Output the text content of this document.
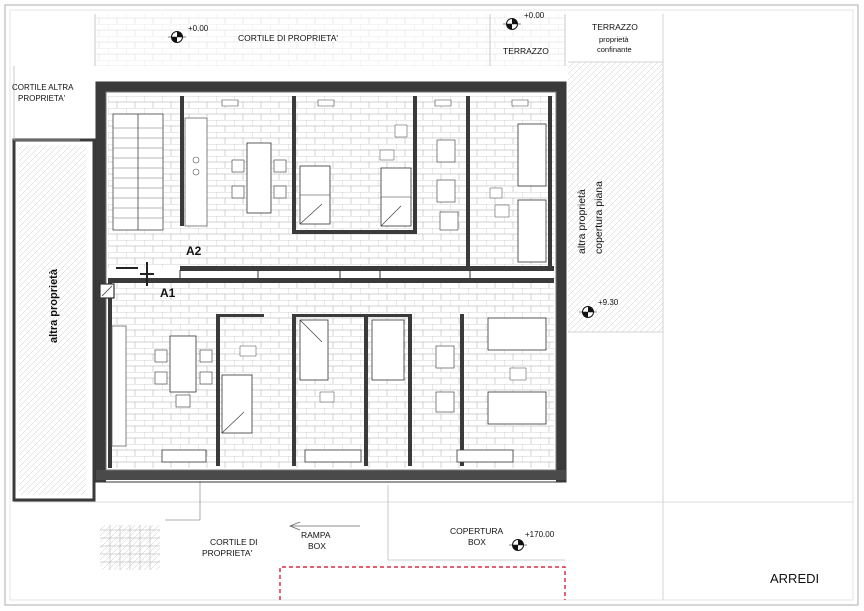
+0.00
CORTILE DI PROPRIETA'
+0.00
TERRAZZO
TERRAZZO
proprietà
confinante
CORTILE ALTRA
PROPRIETA'
altra proprietà
altra proprietà copertura piana
+9.30
A2
A1
CORTILE DI
PROPRIETA'
RAMPA
BOX
COPERTURA
BOX
+170.00
ARREDI
